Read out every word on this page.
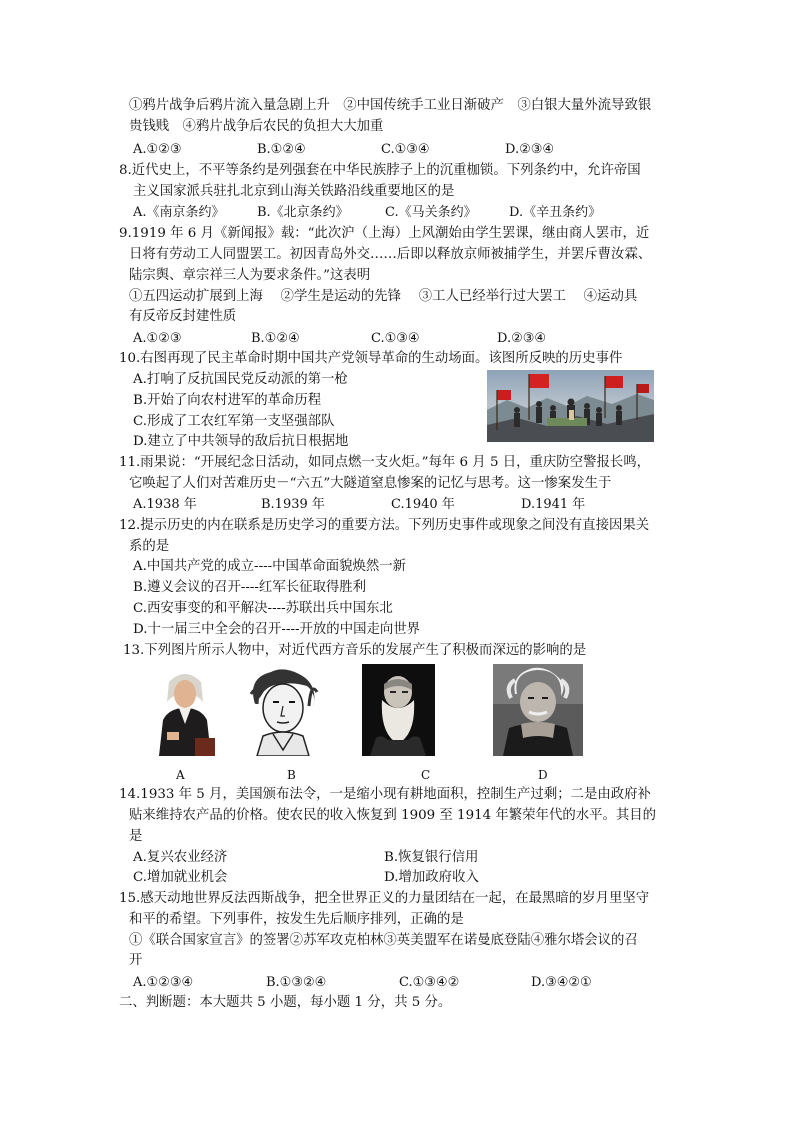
①鸦片战争后鸦片流入量急剧上升　②中国传统手工业日渐破产　③白银大量外流导致银
贵钱贱　④鸦片战争后农民的负担大大加重
A.①②③	B.①②④	C.①③④	D.②③④
8.近代史上，不平等条约是列强套在中华民族脖子上的沉重枷锁。下列条约中，允许帝国
主义国家派兵驻扎北京到山海关铁路沿线重要地区的是
A.《南京条约》 B.《北京条约》	C.《马关条约》 D.《辛丑条约》
9.1919 年 6 月《新闻报》载：“此次沪（上海）上风潮始由学生罢课，继由商人罢市，近
日将有劳动工人同盟罢工。初因青岛外交……后即以释放京师被捕学生，并罢斥曹汝霖、
陆宗舆、章宗祥三人为要求条件。”这表明
①五四运动扩展到上海　 ②学生是运动的先锋　 ③工人已经举行过大罢工　 ④运动具
有反帝反封建性质
A.①②③	B.①②④	C.①③④	D.②③④
10.右图再现了民主革命时期中国共产党领导革命的生动场面。该图所反映的历史事件
A.打响了反抗国民党反动派的第一枪
B.开始了向农村进军的革命历程
C.形成了工农红军第一支坚强部队
D.建立了中共领导的敌后抗日根据地
11.雨果说：“开展纪念日活动，如同点燃一支火炬。”每年 6 月 5 日，重庆防空警报长鸣，
它唤起了人们对苦难历史－“六五”大隧道窒息惨案的记忆与思考。这一惨案发生于
A.1938 年	B.1939 年	C.1940 年	D.1941 年
12.提示历史的内在联系是历史学习的重要方法。下列历史事件或现象之间没有直接因果关
系的是
A.中国共产党的成立----中国革命面貌焕然一新
B.遵义会议的召开----红军长征取得胜利
C.西安事变的和平解决----苏联出兵中国东北
D.十一届三中全会的召开----开放的中国走向世界
13.下列图片所示人物中，对近代西方音乐的发展产生了积极而深远的影响的是
A	B	C	D
14.1933 年 5 月，美国颁布法令，一是缩小现有耕地面积，控制生产过剩；二是由政府补
贴来维持农产品的价格。使农民的收入恢复到 1909 至 1914 年繁荣年代的水平。其目的
是
A.复兴农业经济	B.恢复银行信用
C.增加就业机会	D.增加政府收入
15.感天动地世界反法西斯战争，把全世界正义的力量团结在一起，在最黑暗的岁月里坚守
和平的希望。下列事件，按发生先后顺序排列，正确的是
①《联合国家宣言》的签署②苏军攻克柏林③英美盟军在诺曼底登陆④雅尔塔会议的召
开
A.①②③④	B.①③②④	C.①③④②	D.③④②①
二、判断题：本大题共 5 小题，每小题 1 分，共 5 分。
